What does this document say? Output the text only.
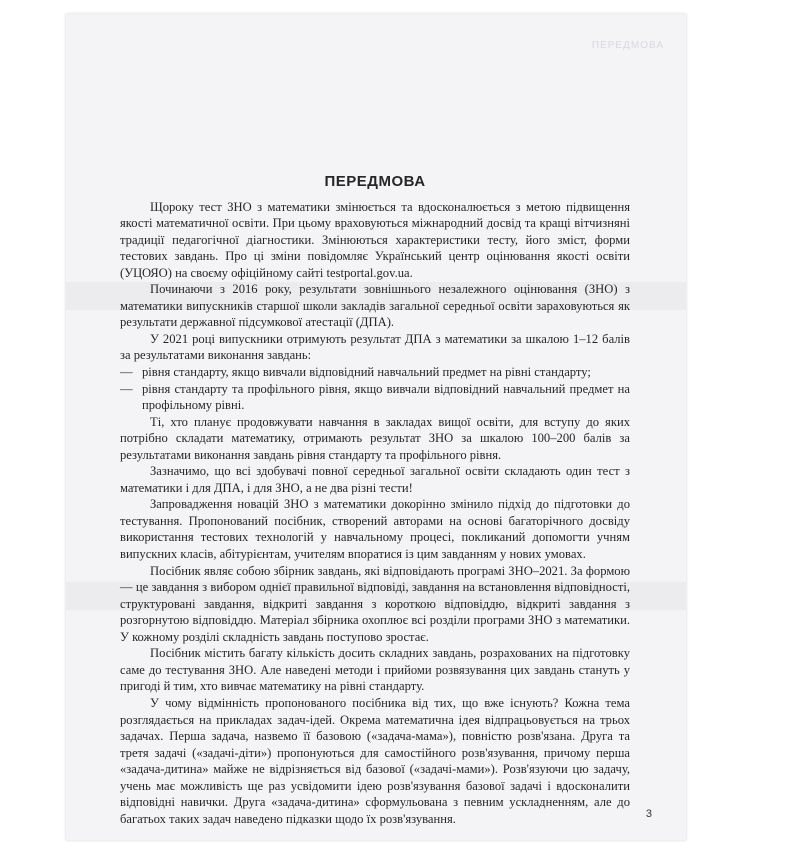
ПЕРЕДМОВА
ПЕРЕДМОВА

Щороку тест ЗНО з математики змінюється та вдосконалюється з метою підвищення якості математичної освіти. При цьому враховуються міжнародний досвід та кращі вітчизняні традиції педагогічної діагностики. Змінюються характеристики тесту, його зміст, форми тестових завдань. Про ці зміни повідомляє Український центр оцінювання якості освіти (УЦОЯО) на своєму офіційному сайті testportal.gov.ua.

Починаючи з 2016 року, результати зовнішнього незалежного оцінювання (ЗНО) з математики випускників старшої школи закладів загальної середньої освіти зараховуються як результати державної підсумкової атестації (ДПА).

У 2021 році випускники отримують результат ДПА з математики за шкалою 1–12 балів за результатами виконання завдань:

— рівня стандарту, якщо вивчали відповідний навчальний предмет на рівні стандарту;
— рівня стандарту та профільного рівня, якщо вивчали відповідний навчальний предмет на профільному рівні.

Ті, хто планує продовжувати навчання в закладах вищої освіти, для вступу до яких потрібно складати математику, отримають результат ЗНО за шкалою 100–200 балів за результатами виконання завдань рівня стандарту та профільного рівня.

Зазначимо, що всі здобувачі повної середньої загальної освіти складають один тест з математики і для ДПА, і для ЗНО, а не два різні тести!

Запровадження новацій ЗНО з математики докорінно змінило підхід до підготовки до тестування. Пропонований посібник, створений авторами на основі багаторічного досвіду використання тестових технологій у навчальному процесі, покликаний допомогти учням випускних класів, абітурієнтам, учителям впоратися із цим завданням у нових умовах.

Посібник являє собою збірник завдань, які відповідають програмі ЗНО–2021. За формою — це завдання з вибором однієї правильної відповіді, завдання на встановлення відповідності, структуровані завдання, відкриті завдання з короткою відповіддю, відкриті завдання з розгорнутою відповіддю. Матеріал збірника охоплює всі розділи програми ЗНО з математики. У кожному розділі складність завдань поступово зростає.

Посібник містить багату кількість досить складних завдань, розрахованих на підготовку саме до тестування ЗНО. Але наведені методи і прийоми розвязування цих завдань стануть у пригоді й тим, хто вивчає математику на рівні стандарту.

У чому відмінність пропонованого посібника від тих, що вже існують? Кожна тема розглядається на прикладах задач-ідей. Окрема математична ідея відпрацьовується на трьох задачах. Перша задача, назвемо її базовою («задача-мама»), повністю розв'язана. Друга та третя задачі («задачі-діти») пропонуються для самостійного розв'язування, причому перша «задача-дитина» майже не відрізняється від базової («задачі-мами»). Розв'язуючи цю задачу, учень має можливість ще раз усвідомити ідею розв'язування базової задачі і вдосконалити відповідні навички. Друга «задача-дитина» сформульована з певним ускладненням, але до багатьох таких задач наведено підказки щодо їх розв'язування.	3
